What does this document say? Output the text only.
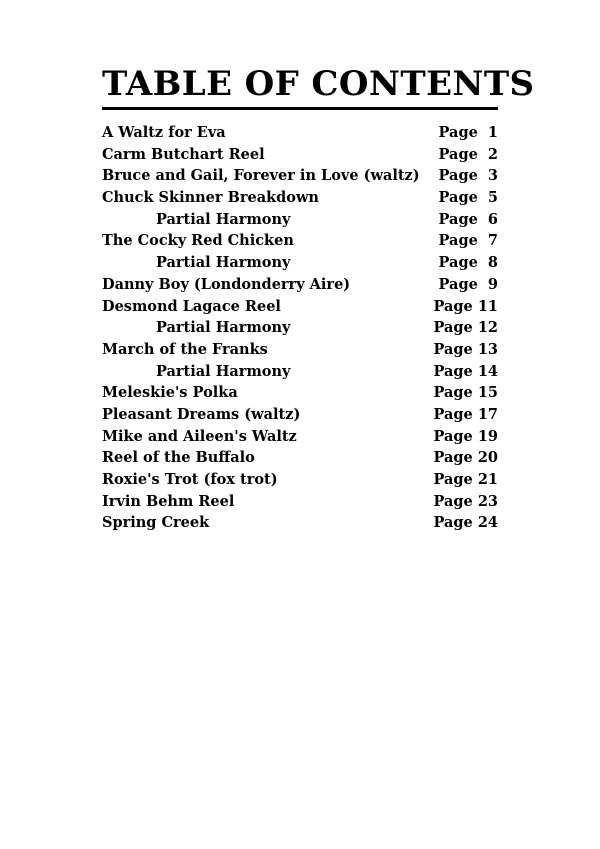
TABLE OF CONTENTS
A Waltz for Eva	Page  1
Carm Butchart Reel	Page  2
Bruce and Gail, Forever in Love (waltz) Page  3
Chuck Skinner Breakdown	Page  5
Partial Harmony	Page  6
The Cocky Red Chicken	Page  7
Partial Harmony	Page  8
Danny Boy (Londonderry Aire)	Page  9
Desmond Lagace Reel	Page 11
Partial Harmony	Page 12
March of the Franks	Page 13
Partial Harmony	Page 14
Meleskie's Polka	Page 15
Pleasant Dreams (waltz)	Page 17
Mike and Aileen's Waltz	Page 19
Reel of the Buffalo	Page 20
Roxie's Trot (fox trot)	Page 21
Irvin Behm Reel	Page 23
Spring Creek	Page 24
